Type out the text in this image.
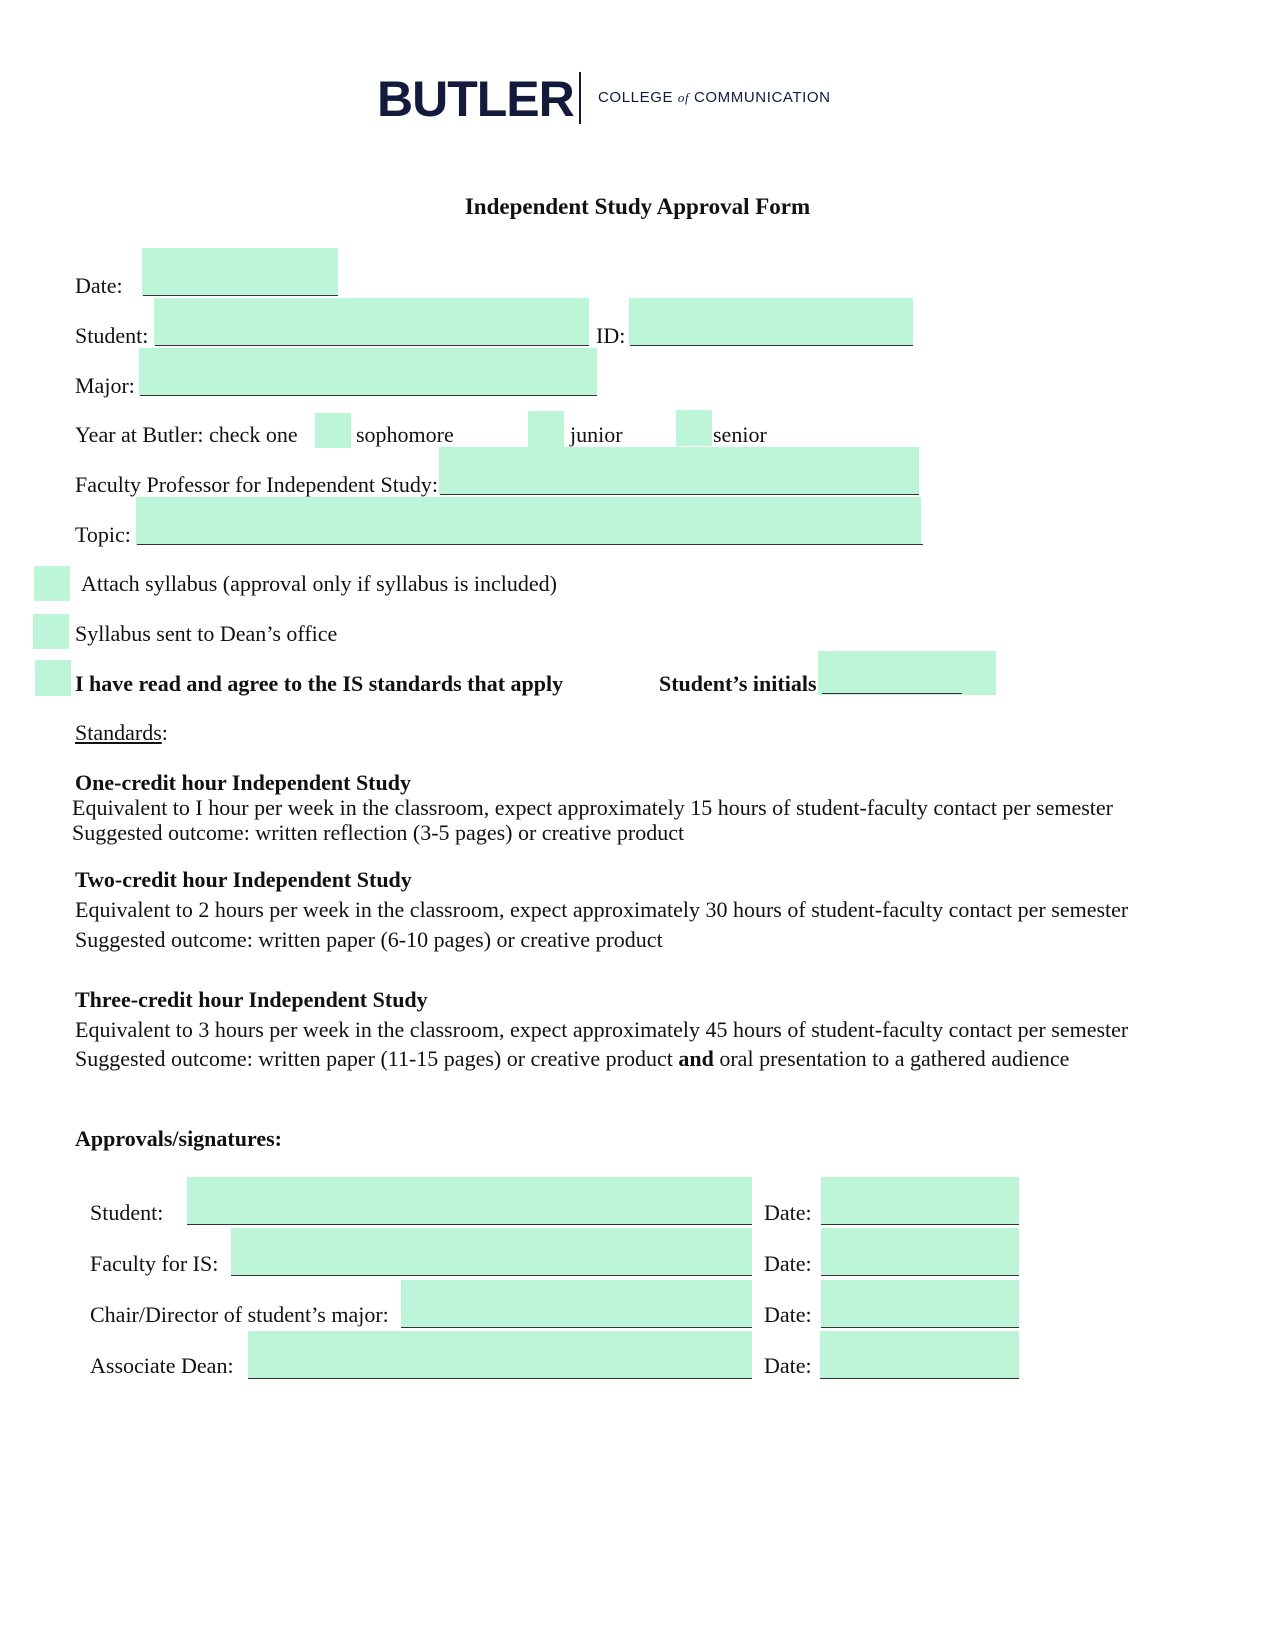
BUTLER COLLEGE of COMMUNICATION
Independent Study Approval Form
Date:
Student:	ID:
Major:
Year at Butler: check one	sophomore	junior	senior
Faculty Professor for Independent Study:
Topic:
Attach syllabus (approval only if syllabus is included)
Syllabus sent to Dean’s office
I have read and agree to the IS standards that apply	Student’s initials
Standards:
One-credit hour Independent Study
Equivalent to I hour per week in the classroom, expect approximately 15 hours of student-faculty contact per semester
Suggested outcome: written reflection (3-5 pages) or creative product
Two-credit hour Independent Study
Equivalent to 2 hours per week in the classroom, expect approximately 30 hours of student-faculty contact per semester
Suggested outcome: written paper (6-10 pages) or creative product
Three-credit hour Independent Study
Equivalent to 3 hours per week in the classroom, expect approximately 45 hours of student-faculty contact per semester
Suggested outcome: written paper (11-15 pages) or creative product and oral presentation to a gathered audience
Approvals/signatures:
Student:	Date:
Faculty for IS:	Date:
Chair/Director of student’s major:	Date:
Associate Dean:	Date:
